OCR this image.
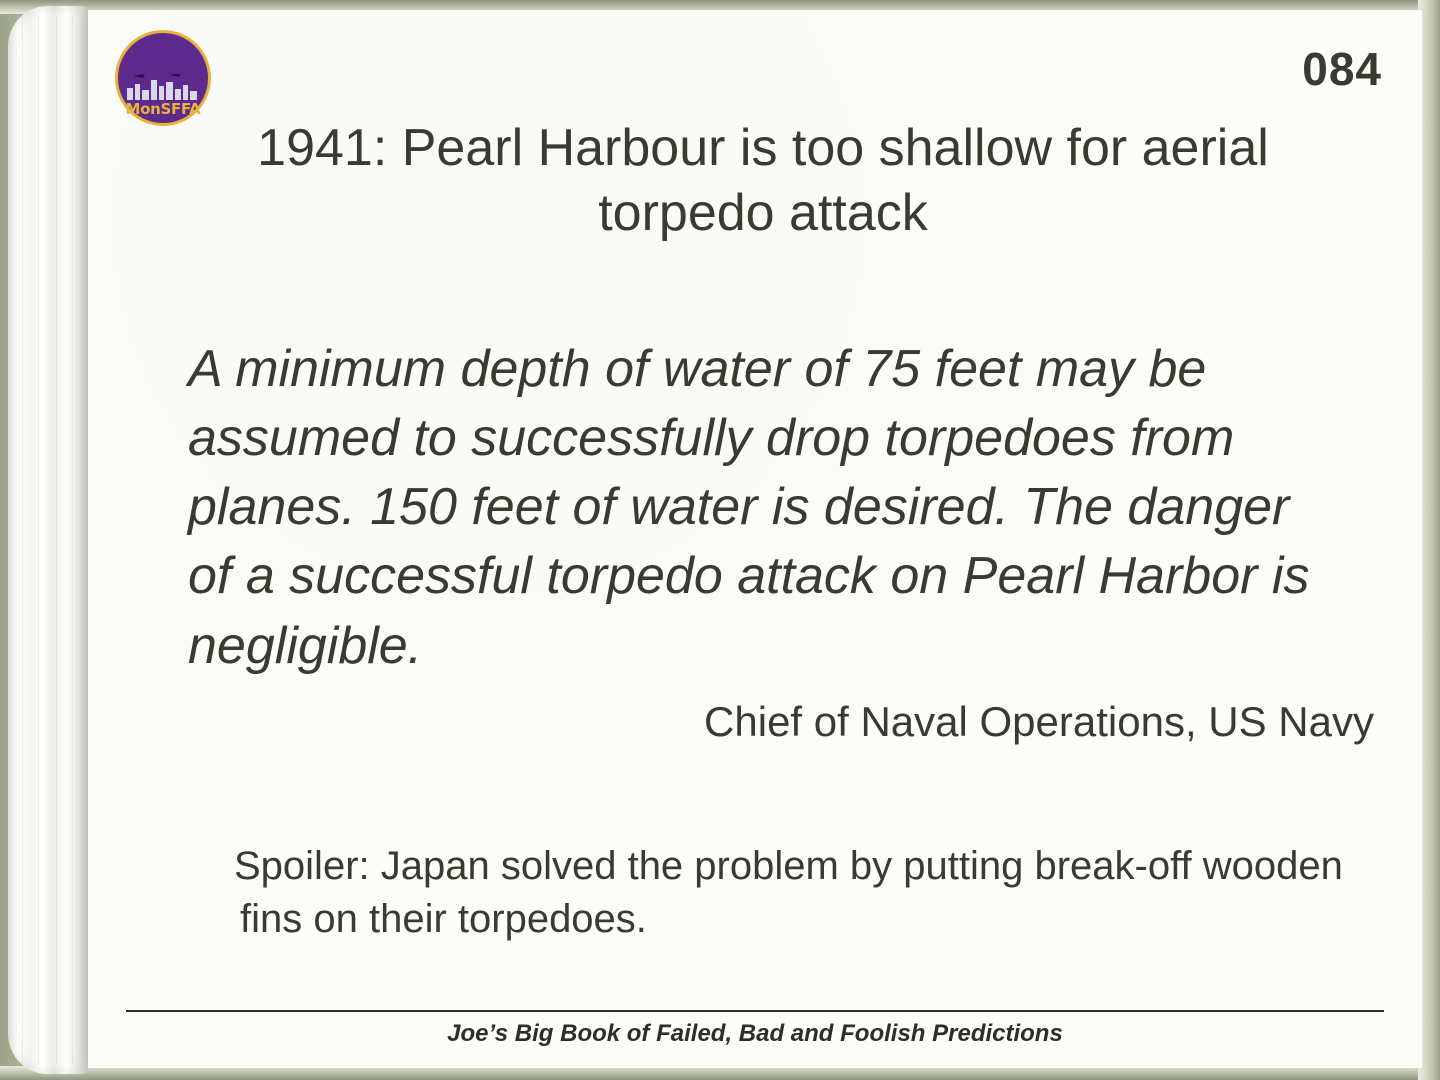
MonSFFA
084
1941: Pearl Harbour is too shallow for aerial torpedo attack
A minimum depth of water of 75 feet may be assumed to successfully drop torpedoes from planes. 150 feet of water is desired. The danger of a successful torpedo attack on Pearl Harbor is negligible.
Chief of Naval Operations, US Navy
Spoiler: Japan solved the problem by putting break-off wooden fins on their torpedoes.
Joe’s Big Book of Failed, Bad and Foolish Predictions
